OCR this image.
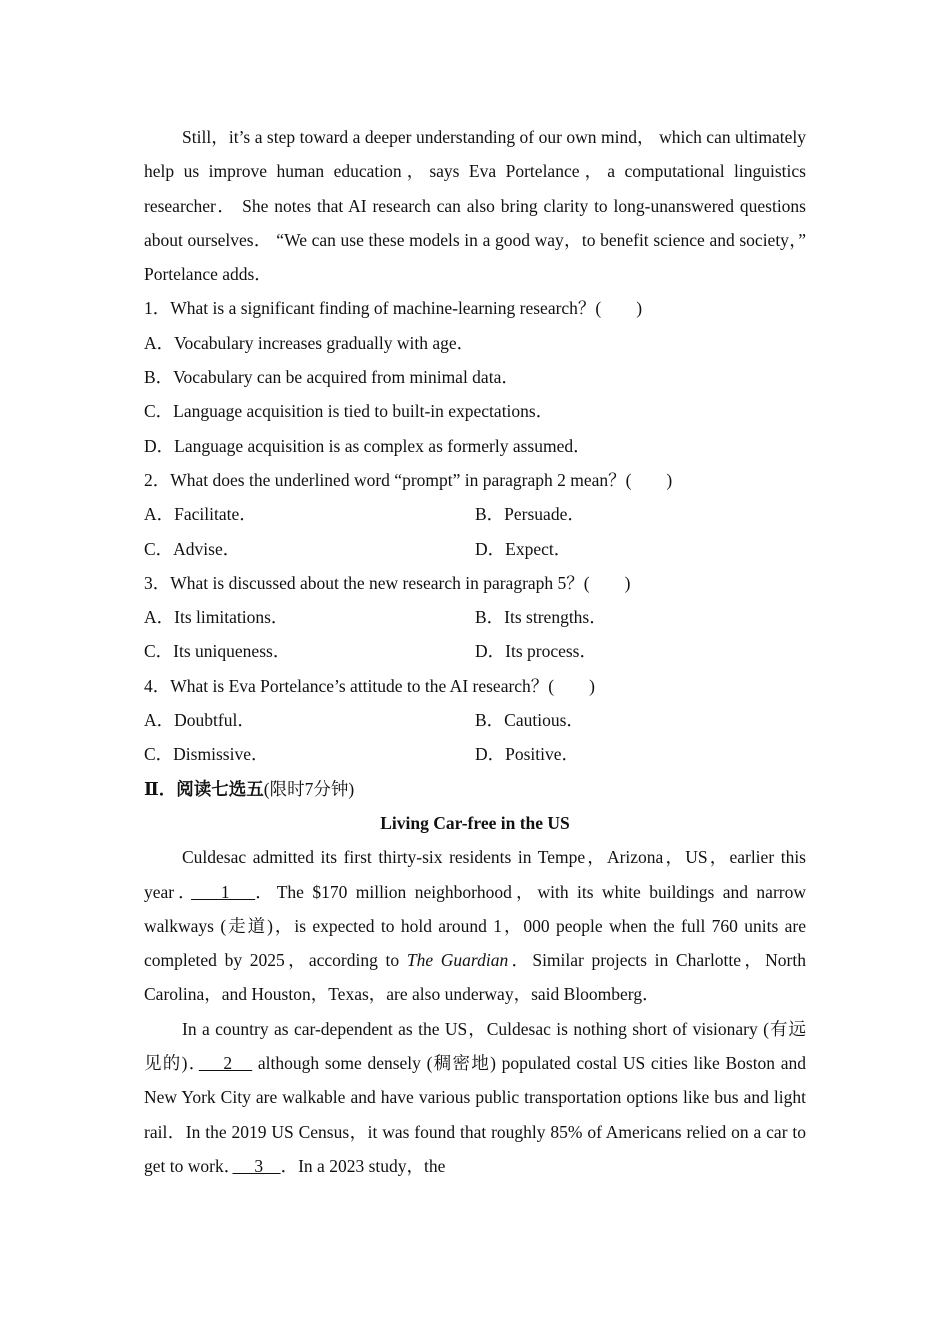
Still，it’s a step toward a deeper understanding of our own mind， which can ultimately help us improve human education，says Eva Portelance，a computational linguistics researcher． She notes that AI research can also bring clarity to long-unanswered questions about ourselves． “We can use these models in a good way，to benefit science and society，” Portelance adds．

1．What is a significant finding of machine-learning research？(　　)

A．Vocabulary increases gradually with age．

B．Vocabulary can be acquired from minimal data．

C．Language acquisition is tied to built-in expectations．

D．Language acquisition is as complex as formerly assumed．

2．What does the underlined word “prompt” in paragraph 2 mean？(　　)

A．Facilitate．	B．Persuade．
C．Advise．	D．Expect．

3．What is discussed about the new research in paragraph 5？(　　)

A．Its limitations．	B．Its strengths．
C．Its uniqueness．	D．Its process．

4．What is Eva Portelance’s attitude to the AI research？(　　)

A．Doubtful．	B．Cautious．
C．Dismissive．	D．Positive．

Ⅱ．阅读七选五(限时7分钟)

Living Car-free in the US

Culdesac admitted its first thirty-six residents in Tempe，Arizona，US，earlier this year．　 1　．The $170 million neighborhood，with its white buildings and narrow walkways (走道)，is expected to hold around 1，000 people when the full 760 units are completed by 2025，according to The Guardian．Similar projects in Charlotte，North Carolina，and Houston，Texas，are also underway，said Bloomberg．

In a country as car-dependent as the US，Culdesac is nothing short of visionary (有远见的)．　 2　 although some densely (稠密地) populated costal US cities like Boston and New York City are walkable and have various public transportation options like bus and light rail．In the 2019 US Census，it was found that roughly 85% of Americans relied on a car to get to work．　 3　．In a 2023 study，the
